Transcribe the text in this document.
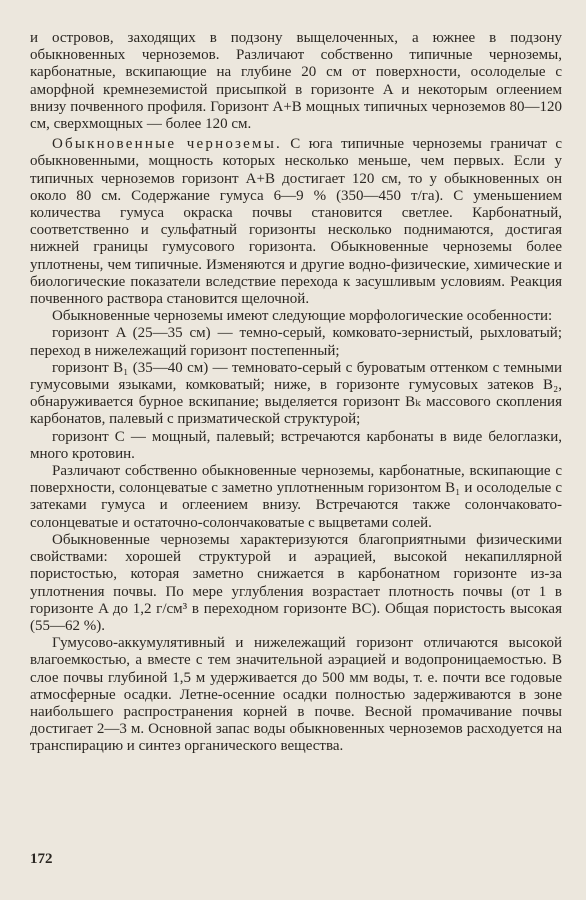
и островов, заходящих в подзону выщелоченных, а южнее в подзону обыкновенных черноземов. Различают собственно типичные черноземы, карбонатные, вскипающие на глубине 20 см от поверхности, осолоделые с аморфной кремнеземистой присыпкой в горизонте A и некоторым оглеением внизу почвенного профиля. Горизонт A+B мощных типичных черноземов 80—120 см, сверхмощных — более 120 см.

Обыкновенные черноземы. С юга типичные черноземы граничат с обыкновенными, мощность которых несколько меньше, чем первых. Если у типичных черноземов горизонт A+B достигает 120 см, то у обыкновенных он около 80 см. Содержание гумуса 6—9 % (350—450 т/га). С уменьшением количества гумуса окраска почвы становится светлее. Карбонатный, соответственно и сульфатный горизонты несколько поднимаются, достигая нижней границы гумусового горизонта. Обыкновенные черноземы более уплотнены, чем типичные. Изменяются и другие водно-физические, химические и биологические показатели вследствие перехода к засушливым условиям. Реакция почвенного раствора становится щелочной.

Обыкновенные черноземы имеют следующие морфологические особенности:

горизонт A (25—35 см) — темно-серый, комковато-зернистый, рыхловатый; переход в нижележащий горизонт постепенный;

горизонт B₁ (35—40 см) — темновато-серый с буроватым оттенком с темными гумусовыми языками, комковатый; ниже, в горизонте гумусовых затеков B₂, обнаруживается бурное вскипание; выделяется горизонт Bₖ массового скопления карбонатов, палевый с призматической структурой;

горизонт C — мощный, палевый; встречаются карбонаты в виде белоглазки, много кротовин.

Различают собственно обыкновенные черноземы, карбонатные, вскипающие с поверхности, солонцеватые с заметно уплотненным горизонтом B₁ и осолоделые с затеками гумуса и оглеением внизу. Встречаются также солончаковато-солонцеватые и остаточно-солончаковатые с выцветами солей.

Обыкновенные черноземы характеризуются благоприятными физическими свойствами: хорошей структурой и аэрацией, высокой некапиллярной пористостью, которая заметно снижается в карбонатном горизонте из-за уплотнения почвы. По мере углубления возрастает плотность почвы (от 1 в горизонте A до 1,2 г/см³ в переходном горизонте BC). Общая пористость высокая (55—62 %).

Гумусово-аккумулятивный и нижележащий горизонт отличаются высокой влагоемкостью, а вместе с тем значительной аэрацией и водопроницаемостью. В слое почвы глубиной 1,5 м удерживается до 500 мм воды, т. е. почти все годовые атмосферные осадки. Летне-осенние осадки полностью задерживаются в зоне наибольшего распространения корней в почве. Весной промачивание почвы достигает 2—3 м. Основной запас воды обыкновенных черноземов расходуется на транспирацию и синтез органического вещества.

172
